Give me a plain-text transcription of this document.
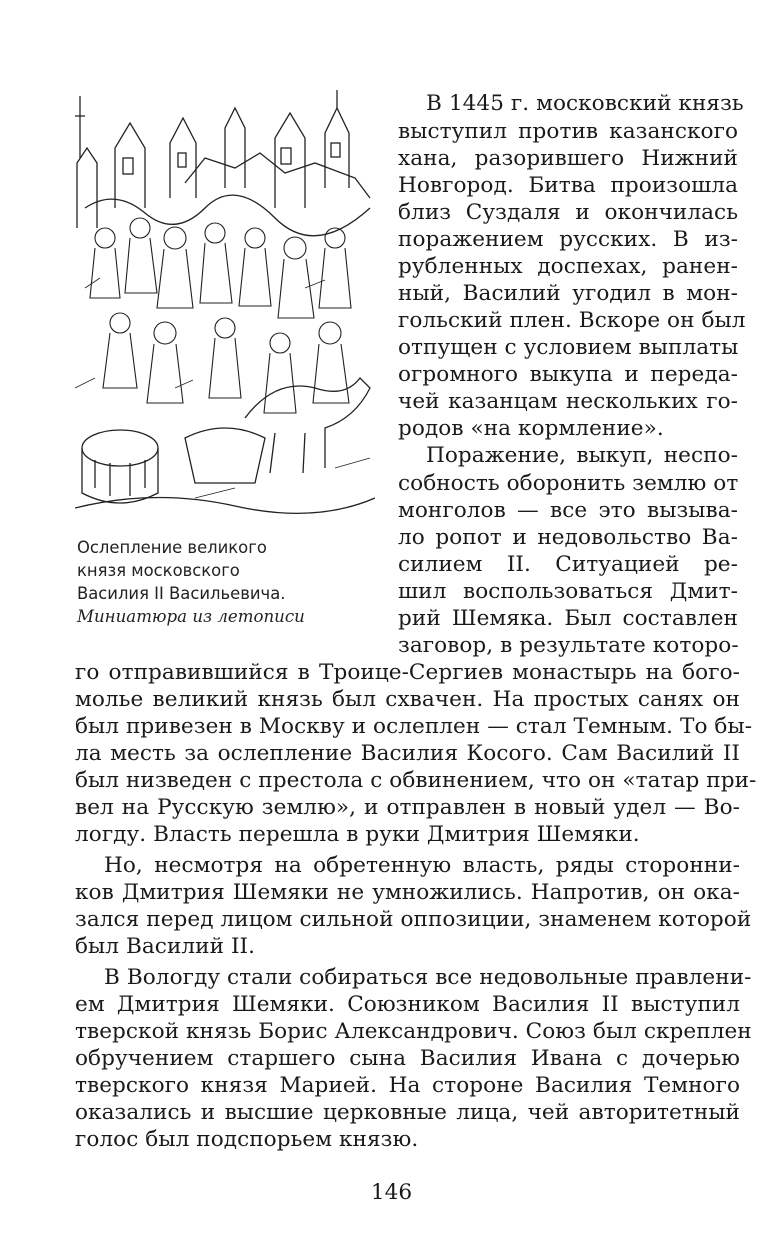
Ослепление великого
князя московского
Василия II Васильевича.
Миниатюра из летописи
В 1445 г. московский князь
выступил против казанского
хана, разорившего Нижний
Новгород. Битва произошла
близ Суздаля и окончилась
поражением русских. В из-
рубленных доспехах, ранен-
ный, Василий угодил в мон-
гольский плен. Вскоре он был
отпущен с условием выплаты
огромного выкупа и переда-
чей казанцам нескольких го-
родов «на кормление».
Поражение, выкуп, неспо-
собность оборонить землю от
монголов — все это вызыва-
ло ропот и недовольство Ва-
силием II. Ситуацией ре-
шил воспользоваться Дмит-
рий Шемяка. Был составлен
заговор, в результате которо-
го отправившийся в Троице-Сергиев монастырь на бого-
молье великий князь был схвачен. На простых санях он
был привезен в Москву и ослеплен — стал Темным. То бы-
ла месть за ослепление Василия Косого. Сам Василий II
был низведен с престола с обвинением, что он «татар при-
вел на Русскую землю», и отправлен в новый удел — Во-
логду. Власть перешла в руки Дмитрия Шемяки.
Но, несмотря на обретенную власть, ряды сторонни-
ков Дмитрия Шемяки не умножились. Напротив, он ока-
зался перед лицом сильной оппозиции, знаменем которой
был Василий II.
В Вологду стали собираться все недовольные правлени-
ем Дмитрия Шемяки. Союзником Василия II выступил
тверской князь Борис Александрович. Союз был скреплен
обручением старшего сына Василия Ивана с дочерью
тверского князя Марией. На стороне Василия Темного
оказались и высшие церковные лица, чей авторитетный
голос был подспорьем князю.
146
